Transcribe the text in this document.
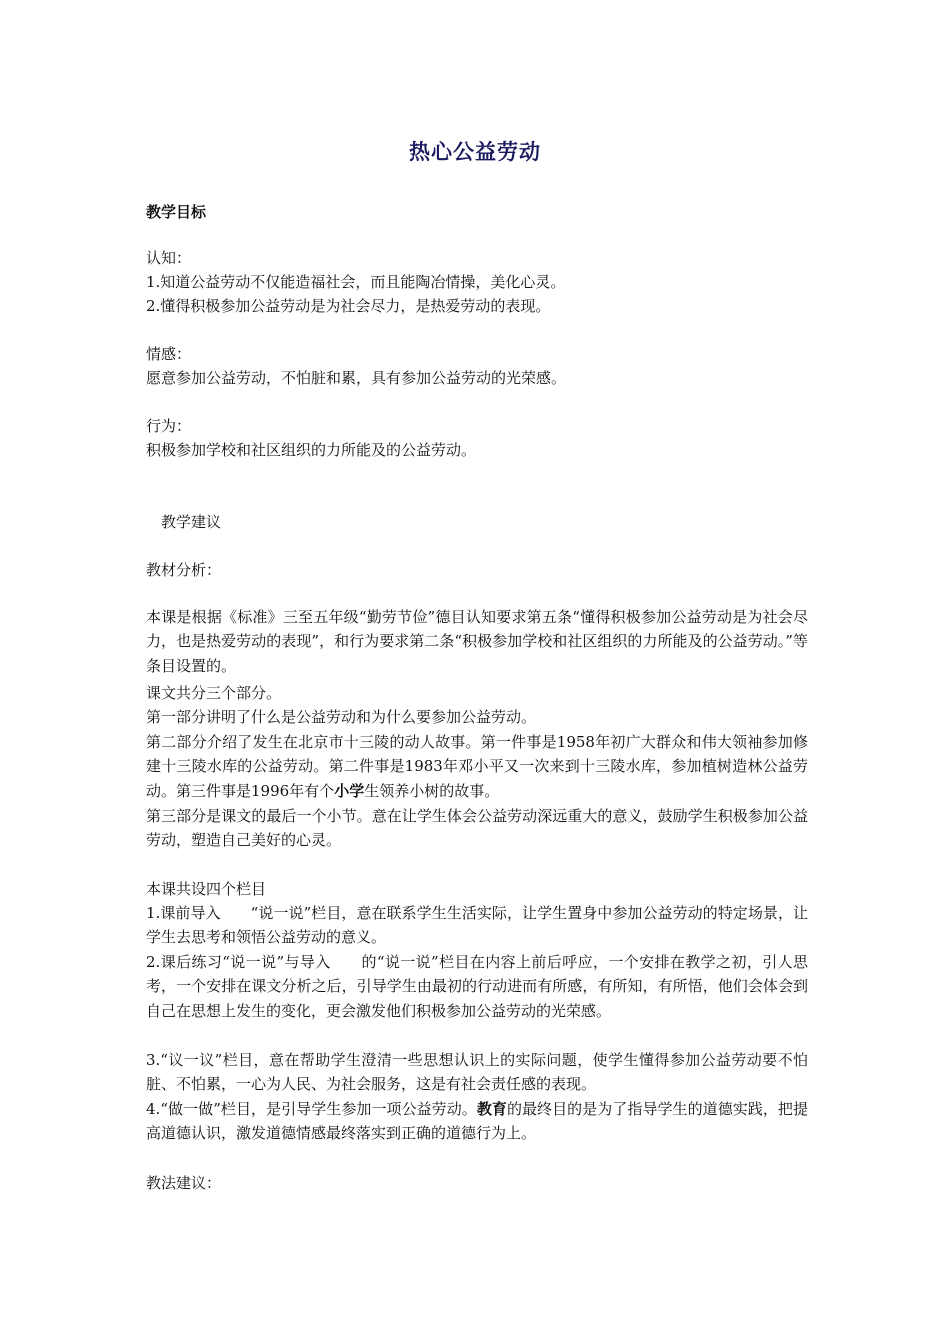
热心公益劳动
教学目标
认知：
1.知道公益劳动不仅能造福社会，而且能陶冶情操，美化心灵。
2.懂得积极参加公益劳动是为社会尽力，是热爱劳动的表现。
情感：
愿意参加公益劳动，不怕脏和累，具有参加公益劳动的光荣感。
行为：
积极参加学校和社区组织的力所能及的公益劳动。
教学建议
教材分析：
本课是根据《标准》三至五年级“勤劳节俭”德目认知要求第五条“懂得积极参加公益劳动是为社会尽力，也是热爱劳动的表现”，和行为要求第二条“积极参加学校和社区组织的力所能及的公益劳动。”等条目设置的。
课文共分三个部分。
第一部分讲明了什么是公益劳动和为什么要参加公益劳动。
第二部分介绍了发生在北京市十三陵的动人故事。第一件事是1958年初广大群众和伟大领袖参加修建十三陵水库的公益劳动。第二件事是1983年邓小平又一次来到十三陵水库，参加植树造林公益劳动。第三件事是1996年有个小学生领养小树的故事。
第三部分是课文的最后一个小节。意在让学生体会公益劳动深远重大的意义，鼓励学生积极参加公益劳动，塑造自己美好的心灵。
本课共设四个栏目
1.课前导入　　“说一说”栏目，意在联系学生生活实际，让学生置身中参加公益劳动的特定场景，让学生去思考和领悟公益劳动的意义。
2.课后练习“说一说”与导入　　的“说一说”栏目在内容上前后呼应，一个安排在教学之初，引人思考，一个安排在课文分析之后，引导学生由最初的行动进而有所感，有所知，有所悟，他们会体会到自己在思想上发生的变化，更会激发他们积极参加公益劳动的光荣感。
3.“议一议”栏目，意在帮助学生澄清一些思想认识上的实际问题，使学生懂得参加公益劳动要不怕脏、不怕累，一心为人民、为社会服务，这是有社会责任感的表现。
4.“做一做”栏目，是引导学生参加一项公益劳动。教育的最终目的是为了指导学生的道德实践，把提高道德认识，激发道德情感最终落实到正确的道德行为上。
教法建议：
